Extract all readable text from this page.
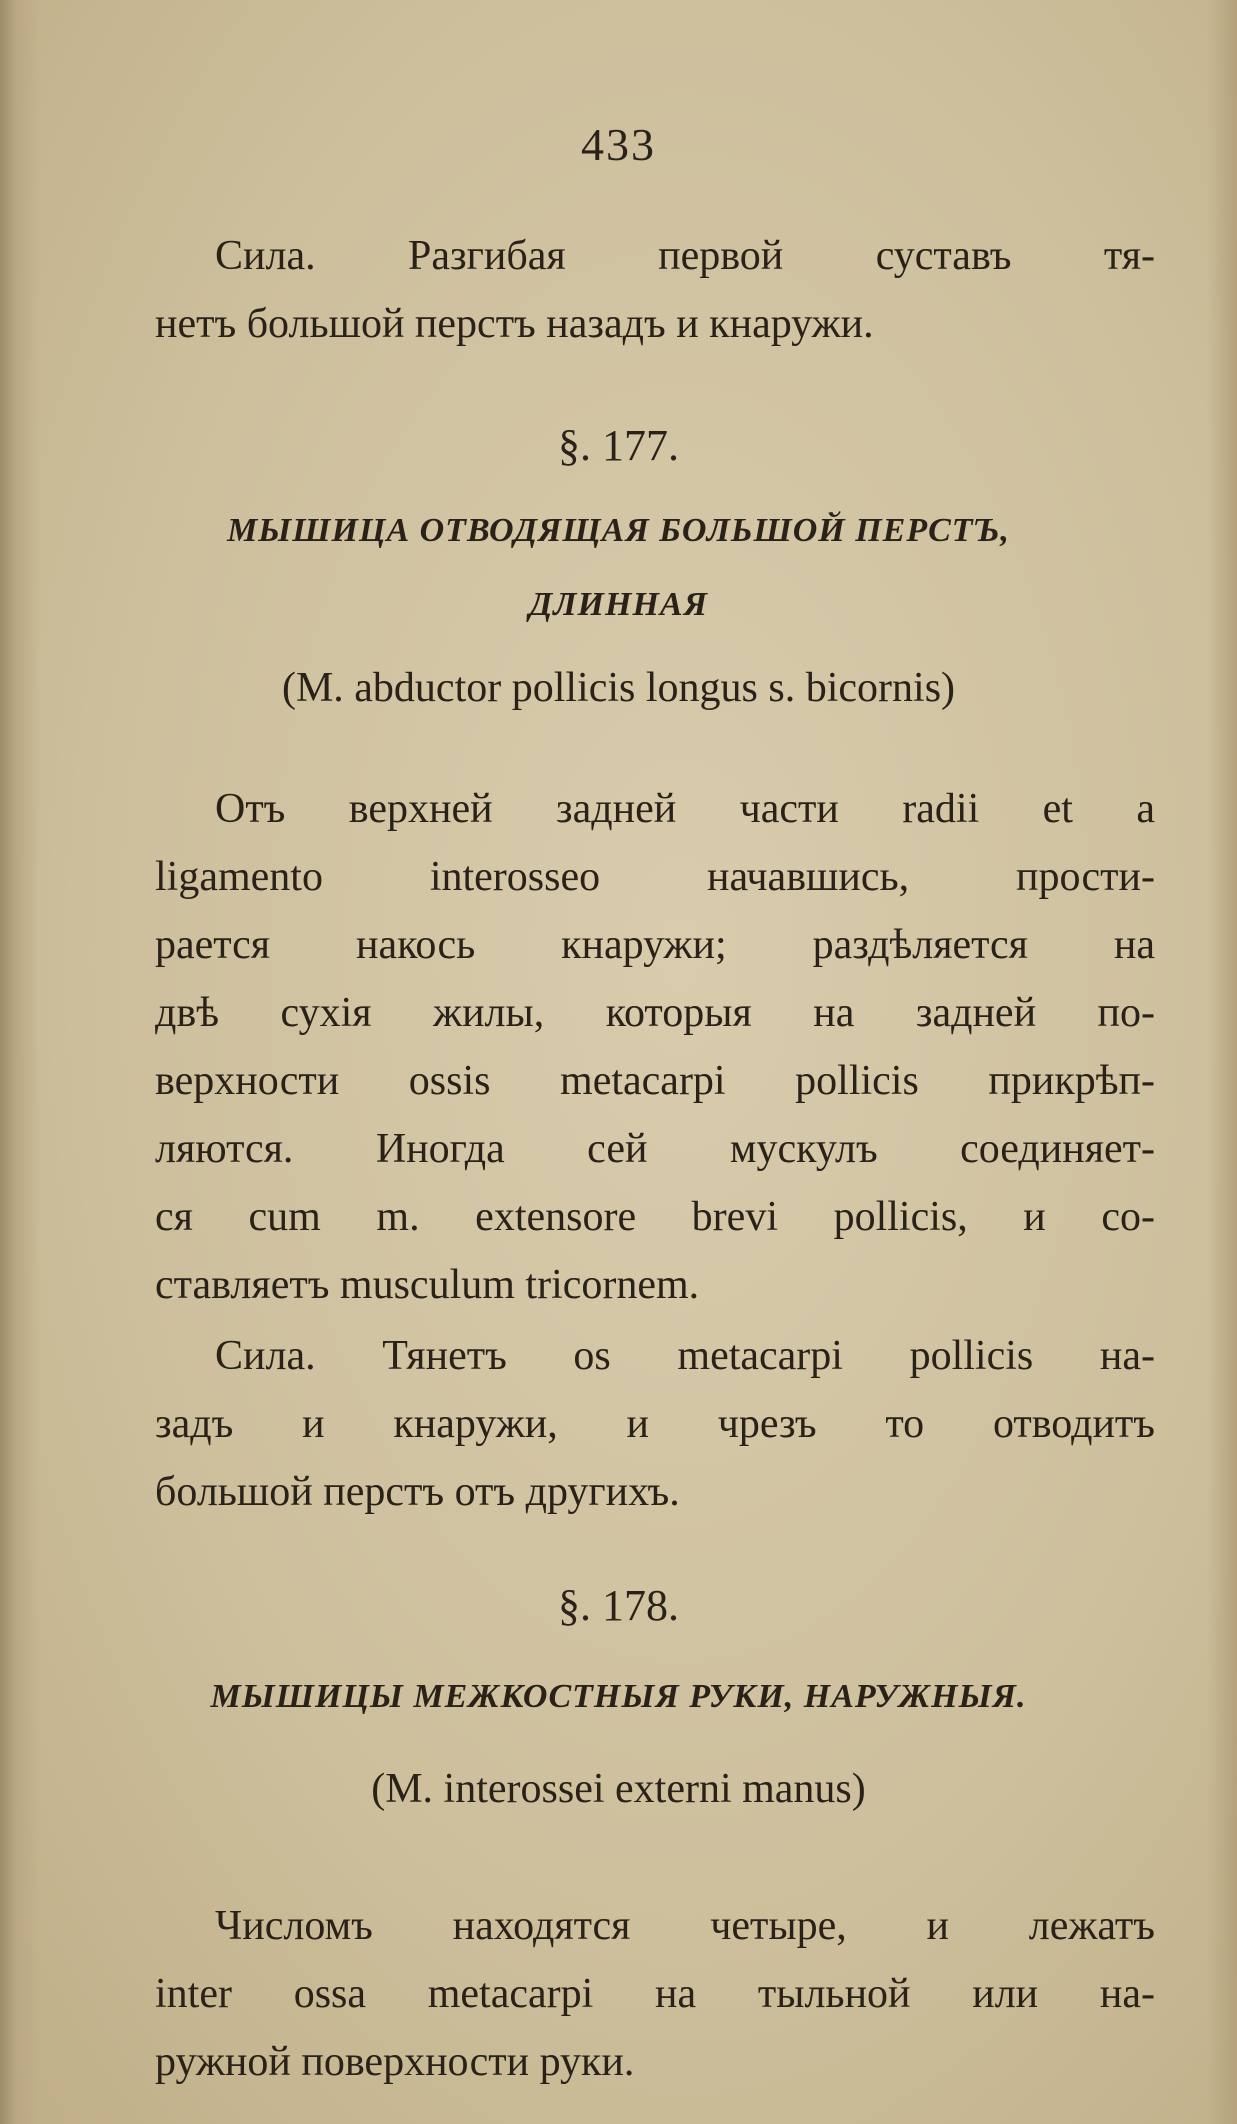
433
Сила. Разгибая первой суставъ тя-
нетъ большой перстъ назадъ и кнаружи.
§. 177.
МЫШИЦА ОТВОДЯЩАЯ БОЛЬШОЙ ПЕРСТЪ,
ДЛИННАЯ
(M. abductor pollicis longus s. bicornis)
Отъ верхней задней части radii et a
ligamento interosseo начавшись, прости-
рается накось кнаружи; раздѣляется на
двѣ сухія жилы, которыя на задней по-
верхности ossis metacarpi pollicis прикрѣп-
ляются. Иногда сей мускулъ соединяет-
ся cum m. extensore brevi pollicis, и со-
ставляетъ musculum tricornem.
Сила. Тянетъ os metacarpi pollicis на-
задъ и кнаружи, и чрезъ то отводитъ
большой перстъ отъ другихъ.
§. 178.
МЫШИЦЫ МЕЖКОСТНЫЯ РУКИ, НАРУЖНЫЯ.
(M. interossei externi manus)
Числомъ находятся четыре, и лежатъ
inter ossa metacarpi на тыльной или на-
ружной поверхности руки.
